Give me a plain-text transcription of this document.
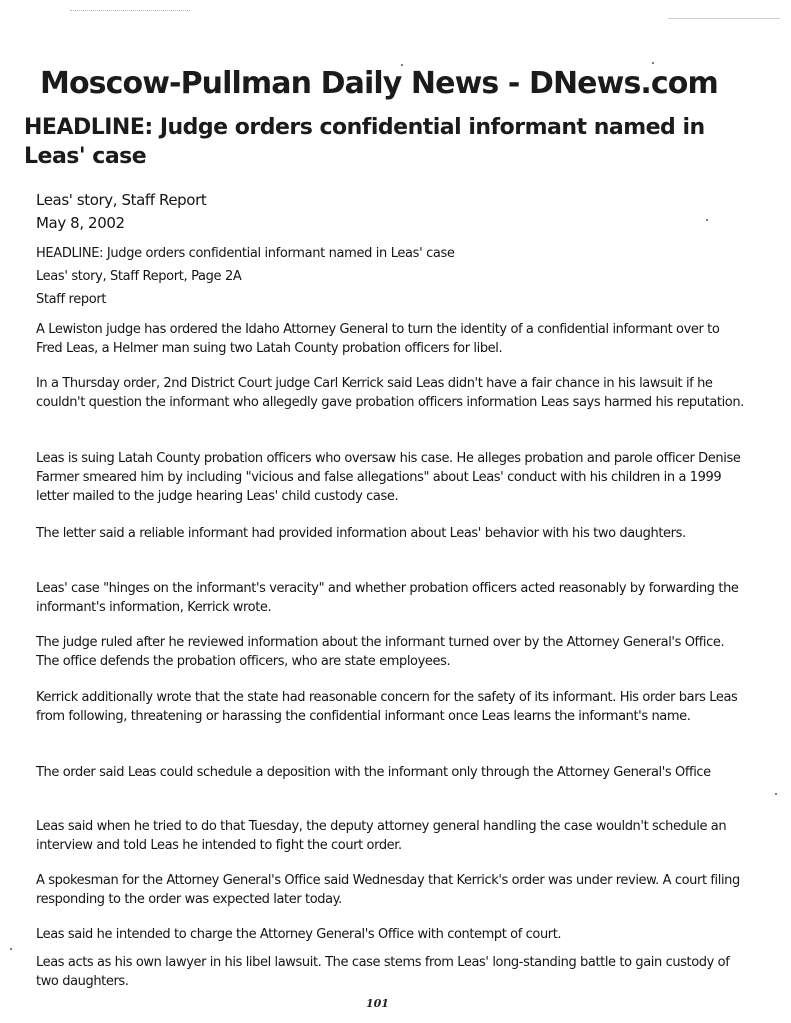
Moscow-Pullman Daily News - DNews.com
HEADLINE: Judge orders confidential informant named in Leas' case
Leas' story, Staff Report
May 8, 2002
HEADLINE: Judge orders confidential informant named in Leas' case
Leas' story, Staff Report, Page 2A
Staff report

A Lewiston judge has ordered the Idaho Attorney General to turn the identity of a confidential informant over to Fred Leas, a Helmer man suing two Latah County probation officers for libel.

In a Thursday order, 2nd District Court judge Carl Kerrick said Leas didn't have a fair chance in his lawsuit if he couldn't question the informant who allegedly gave probation officers information Leas says harmed his reputation.

Leas is suing Latah County probation officers who oversaw his case. He alleges probation and parole officer Denise Farmer smeared him by including "vicious and false allegations" about Leas' conduct with his children in a 1999 letter mailed to the judge hearing Leas' child custody case.

The letter said a reliable informant had provided information about Leas' behavior with his two daughters.

Leas' case "hinges on the informant's veracity" and whether probation officers acted reasonably by forwarding the informant's information, Kerrick wrote.

The judge ruled after he reviewed information about the informant turned over by the Attorney General's Office. The office defends the probation officers, who are state employees.

Kerrick additionally wrote that the state had reasonable concern for the safety of its informant. His order bars Leas from following, threatening or harassing the confidential informant once Leas learns the informant's name.

The order said Leas could schedule a deposition with the informant only through the Attorney General's Office

Leas said when he tried to do that Tuesday, the deputy attorney general handling the case wouldn't schedule an interview and told Leas he intended to fight the court order.

A spokesman for the Attorney General's Office said Wednesday that Kerrick's order was under review. A court filing responding to the order was expected later today.

Leas said he intended to charge the Attorney General's Office with contempt of court.

Leas acts as his own lawyer in his libel lawsuit. The case stems from Leas' long-standing battle to gain custody of two daughters.

101
